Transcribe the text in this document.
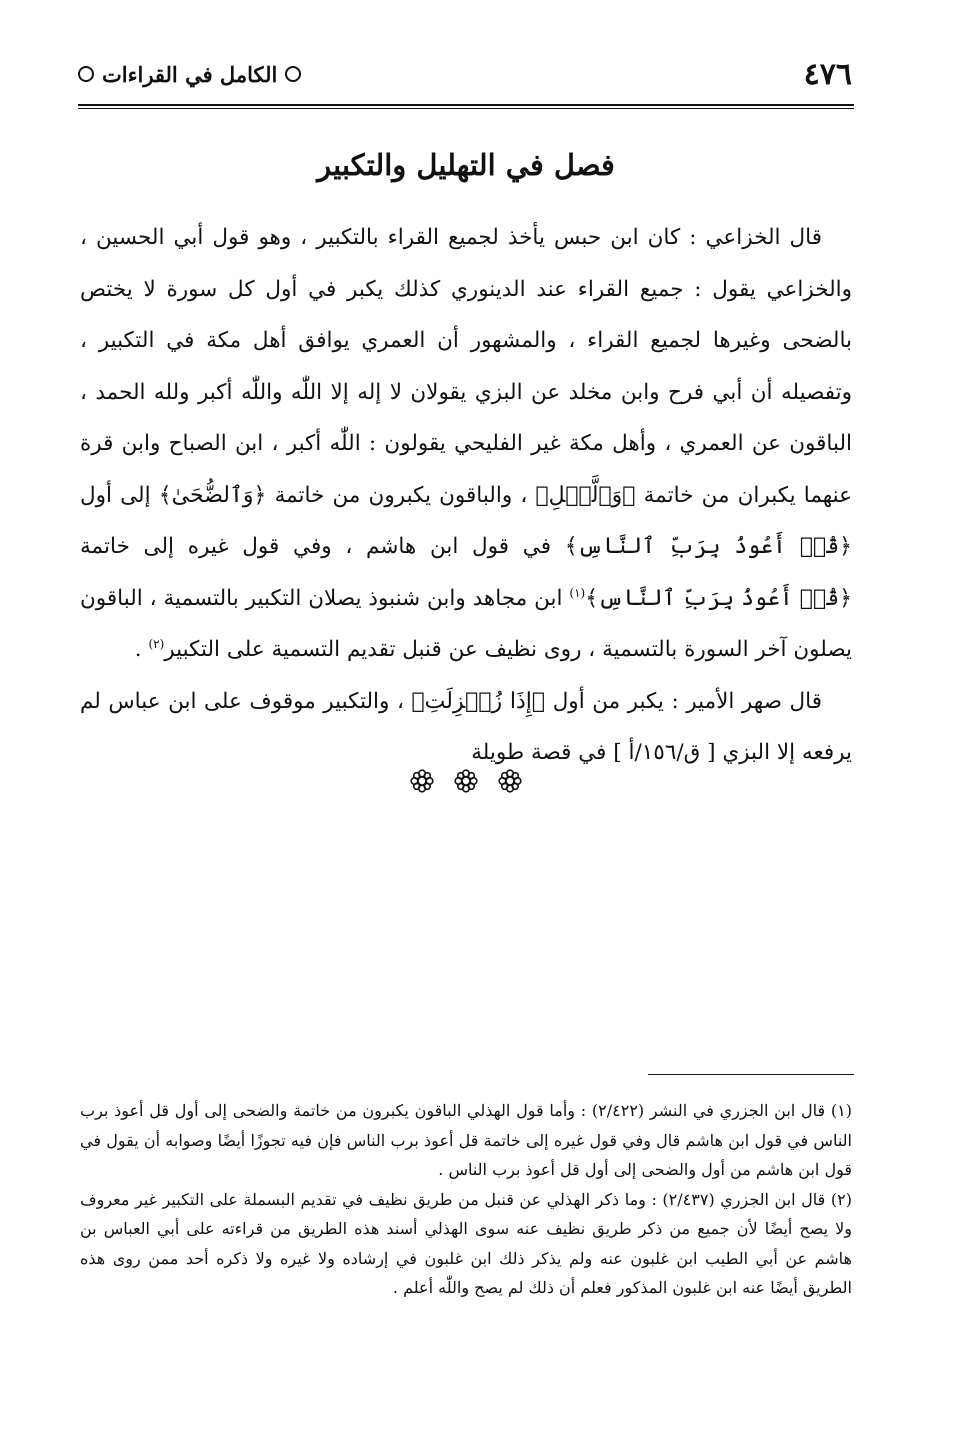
٤٧٦
الكامل في القراءات
فصل في التهليل والتكبير

قال الخزاعي : كان ابن حبس يأخذ لجميع القراء بالتكبير ، وهو قول أبي الحسين ، والخزاعي يقول : جميع القراء عند الدينوري كذلك يكبر في أول كل سورة لا يختص بالضحى وغيرها لجميع القراء ، والمشهور أن العمري يوافق أهل مكة في التكبير ، وتفصيله أن أبي فرح وابن مخلد عن البزي يقولان لا إله إلا اللّٰه واللّٰه أكبر ولله الحمد ، الباقون عن العمري ، وأهل مكة غير الفليحي يقولون : اللّٰه أكبر ، ابن الصباح وابن قرة عنهما يكبران من خاتمة ﴿وَٱلَّيۡلِ﴾ ، والباقون يكبرون من خاتمة ﴿وَٱلضُّحَىٰ﴾ إلى أول ﴿قُلۡ أَعُوذُ بِرَبِّ ٱلنَّاسِ﴾ في قول ابن هاشم ، وفي قول غيره إلى خاتمة ﴿قُلۡ أَعُوذُ بِرَبِّ ٱلنَّاسِ﴾$^{(١)}$ ابن مجاهد وابن شنبوذ يصلان التكبير بالتسمية ، الباقون يصلون آخر السورة بالتسمية ، روى نظيف عن قنبل تقديم التسمية على التكبير$^{(٢)}$ .

قال صهر الأمير : يكبر من أول ﴿إِذَا زُلۡزِلَتِ﴾ ، والتكبير موقوف على ابن عباس لم يرفعه إلا البزي [ ق/١٥٦/أ ] في قصة طويلة

(١) قال ابن الجزري في النشر (٢/٤٢٢) : وأما قول الهذلي الباقون يكبرون من خاتمة والضحى إلى أول قل أعوذ برب الناس في قول ابن هاشم قال وفي قول غيره إلى خاتمة قل أعوذ برب الناس فإن فيه تجوزًا أيضًا وصوابه أن يقول في قول ابن هاشم من أول والضحى إلى أول قل أعوذ برب الناس .

(٢) قال ابن الجزري (٢/٤٣٧) : وما ذكر الهذلي عن قنبل من طريق نظيف في تقديم البسملة على التكبير غير معروف ولا يصح أيضًا لأن جميع من ذكر طريق نظيف عنه سوى الهذلي أسند هذه الطريق من قراءته على أبي العباس بن هاشم عن أبي الطيب ابن غلبون عنه ولم يذكر ذلك ابن غلبون في إرشاده ولا غيره ولا ذكره أحد ممن روى هذه الطريق أيضًا عنه ابن غلبون المذكور فعلم أن ذلك لم يصح واللّٰه أعلم .
